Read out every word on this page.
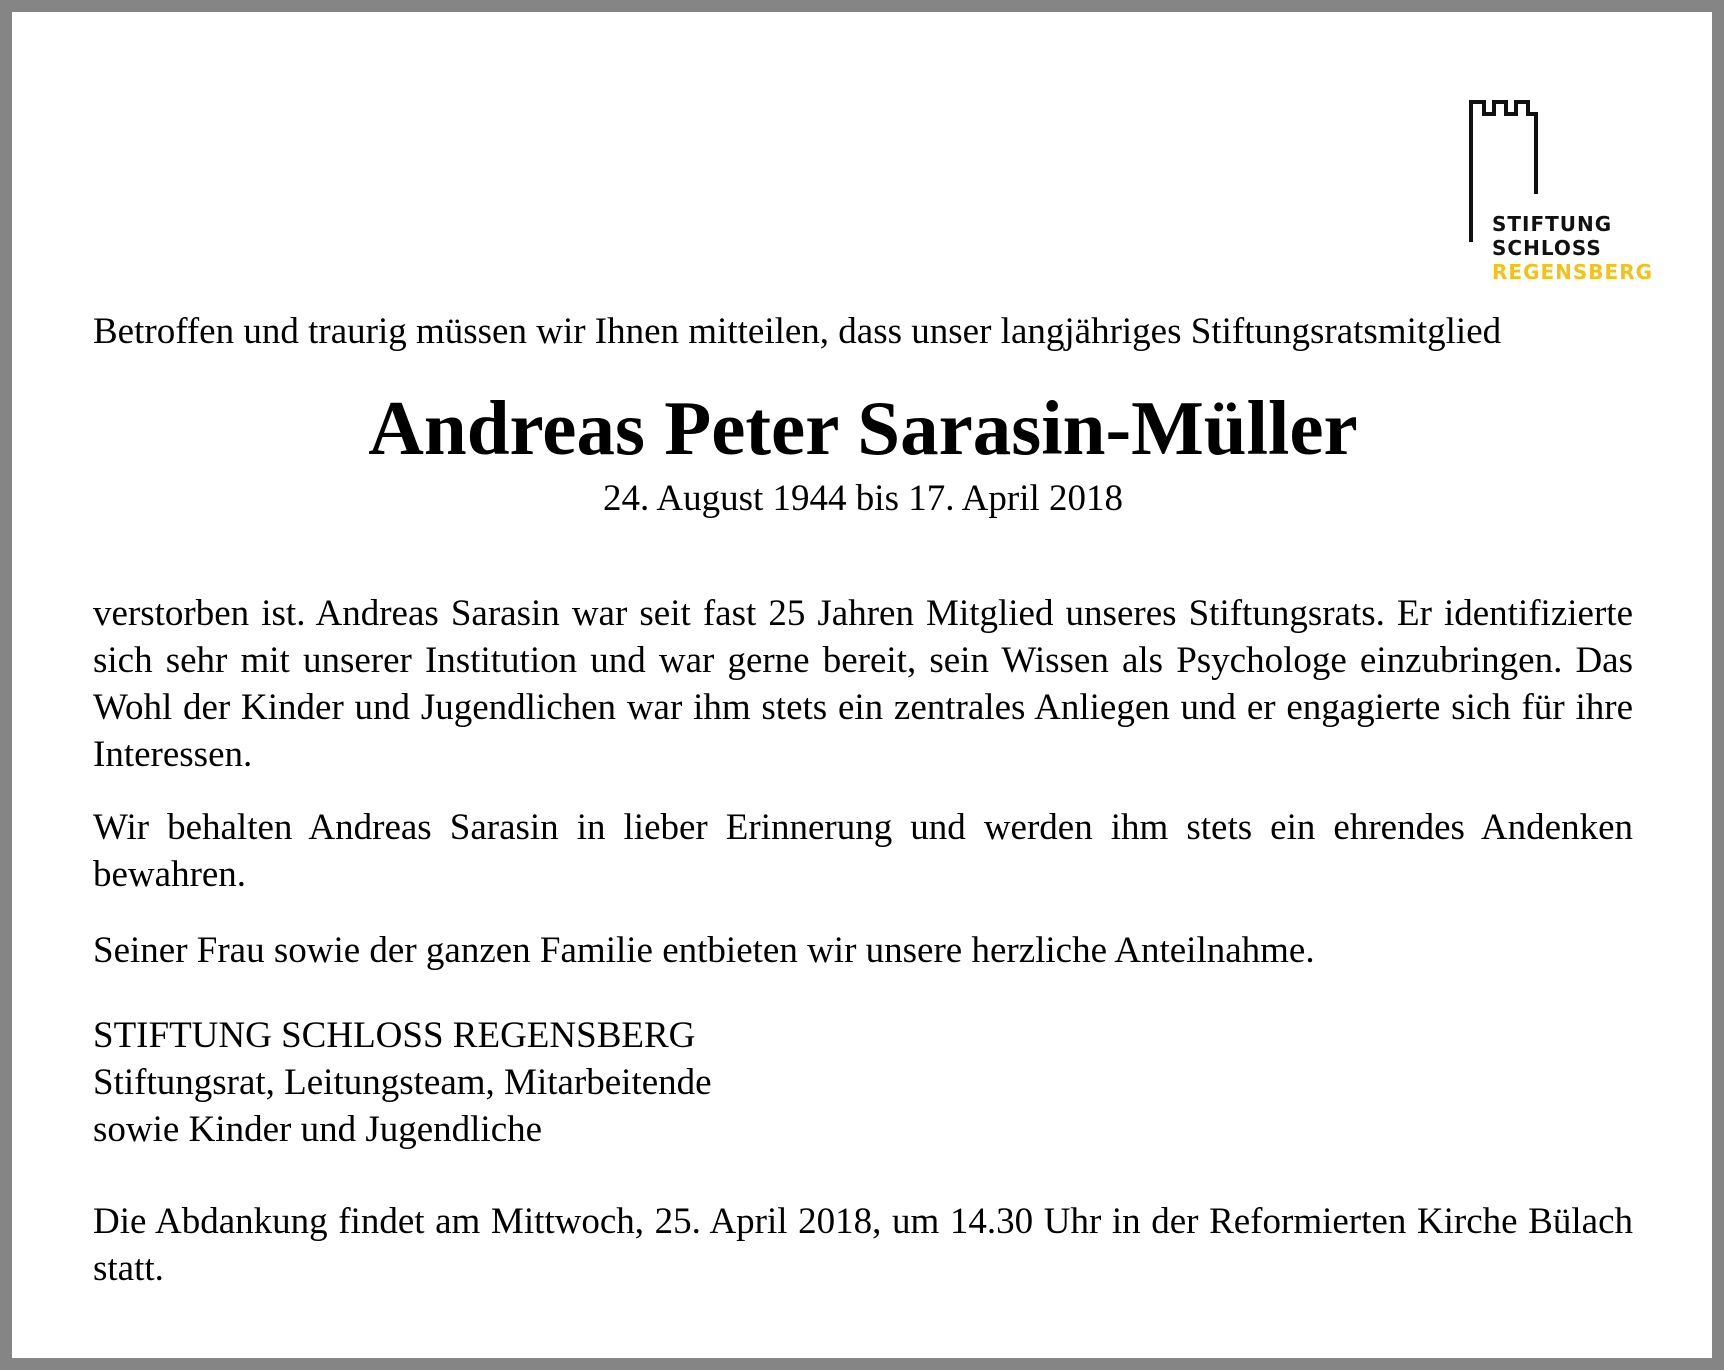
STIFTUNG
SCHLOSS
REGENSBERG
Betroffen und traurig müssen wir Ihnen mitteilen, dass unser langjähriges Stiftungsratsmitglied
Andreas Peter Sarasin-Müller
24. August 1944 bis 17. April 2018
verstorben ist. Andreas Sarasin war seit fast 25 Jahren Mitglied unseres Stiftungsrats. Er identifizierte sich sehr mit unserer Institution und war gerne bereit, sein Wissen als Psychologe einzubringen. Das Wohl der Kinder und Jugendlichen war ihm stets ein zentrales Anliegen und er engagierte sich für ihre Interessen.
Wir behalten Andreas Sarasin in lieber Erinnerung und werden ihm stets ein ehrendes Andenken bewahren.
Seiner Frau sowie der ganzen Familie entbieten wir unsere herzliche Anteilnahme.
STIFTUNG SCHLOSS REGENSBERG
Stiftungsrat, Leitungsteam, Mitarbeitende
sowie Kinder und Jugendliche
Die Abdankung findet am Mittwoch, 25. April 2018, um 14.30 Uhr in der Reformierten Kirche Bülach statt.
